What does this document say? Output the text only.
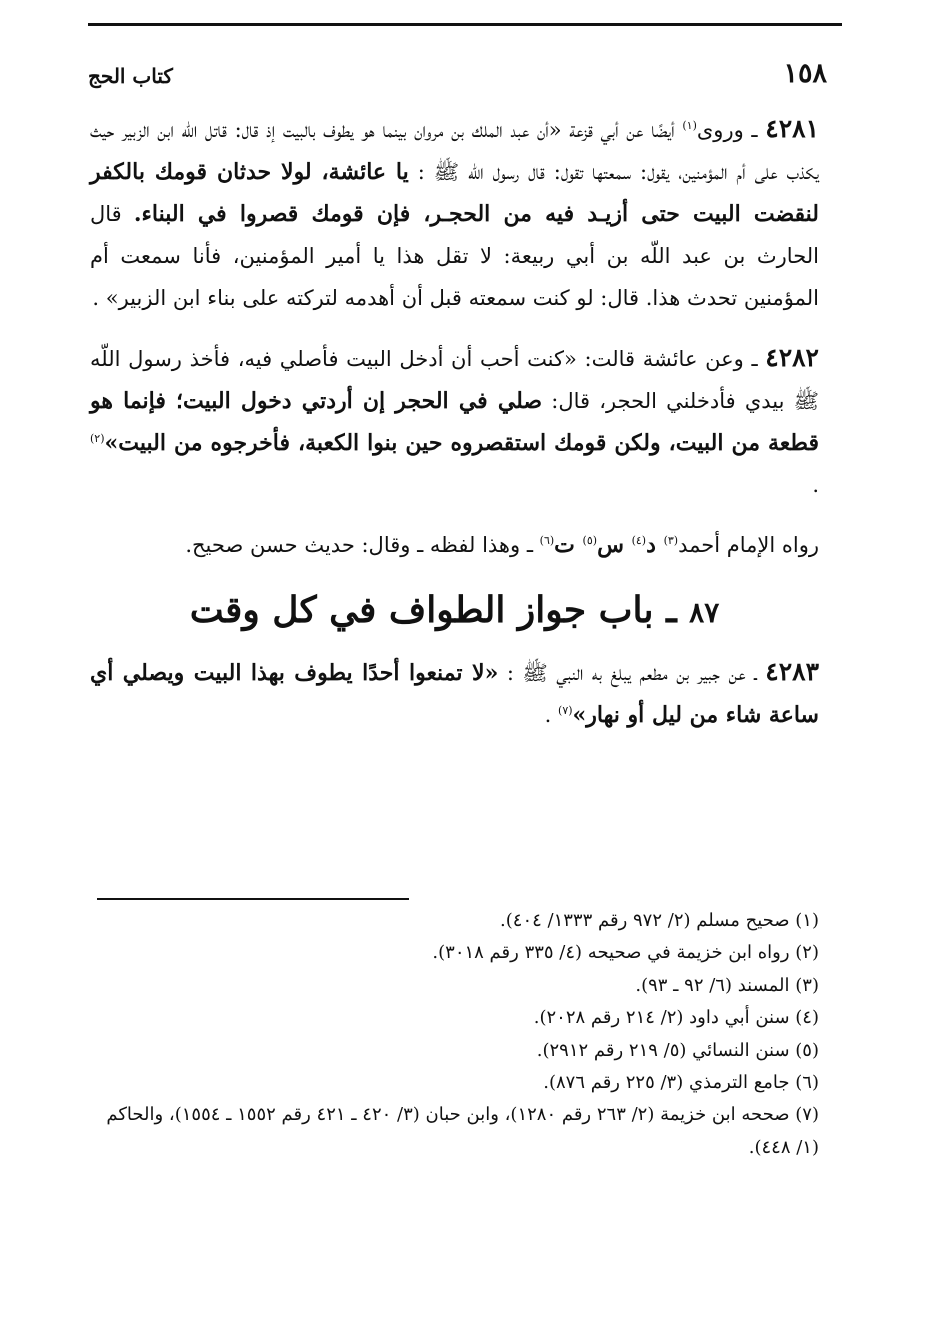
١٥٨
كتاب الحج

٤٢٨١ ـ وروى$^{(١)}$ أيضًا عن أبي قزعة «أن عبد الملك بن مروان بينما هو يطوف بالبيت إذ قال: قاتل اللّه ابن الزبير حيث يكذب على أم المؤمنين، يقول: سمعتها تقول: قال رسول اللّه ﷺ : يا عائشة، لولا حدثان قومك بالكفر لنقضت البيت حتى أزيـد فيه من الحجـر، فإن قومك قصروا في البناء. قال الحارث بن عبد اللّه بن أبي ربيعة: لا تقل هذا يا أمير المؤمنين، فأنا سمعت أم المؤمنين تحدث هذا. قال: لو كنت سمعته قبل أن أهدمه لتركته على بناء ابن الزبير» .

٤٢٨٢ ـ وعن عائشة قالت: «كنت أحب أن أدخل البيت فأصلي فيه، فأخذ رسول اللّه ﷺ بيدي فأدخلني الحجر، قال: صلي في الحجر إن أردتي دخول البيت؛ فإنما هو قطعة من البيت، ولكن قومك استقصروه حين بنوا الكعبة، فأخرجوه من البيت»$^{(٢)}$ .

رواه الإمام أحمد$^{(٣)}$ د$^{(٤)}$ س$^{(٥)}$ ت$^{(٦)}$ ـ وهذا لفظه ـ وقال: حديث حسن صحيح.

٨٧ ـ باب جواز الطواف في كل وقت

٤٢٨٣ ـ عن جبير بن مطعم يبلغ به النبي ﷺ : «لا تمنعوا أحدًا يطوف بهذا البيت ويصلي أي ساعة شاء من ليل أو نهار»$^{(٧)}$ .

(١) صحيح مسلم (٢/ ٩٧٢ رقم ١٣٣٣/ ٤٠٤).

(٢) رواه ابن خزيمة في صحيحه (٤/ ٣٣٥ رقم ٣٠١٨).

(٣) المسند (٦/ ٩٢ ـ ٩٣).

(٤) سنن أبي داود (٢/ ٢١٤ رقم ٢٠٢٨).

(٥) سنن النسائي (٥/ ٢١٩ رقم ٢٩١٢).

(٦) جامع الترمذي (٣/ ٢٢٥ رقم ٨٧٦).

(٧) صححه ابن خزيمة (٢/ ٢٦٣ رقم ١٢٨٠)، وابن حبان (٣/ ٤٢٠ ـ ٤٢١ رقم ١٥٥٢ ـ ١٥٥٤)، والحاكم (١/ ٤٤٨).
